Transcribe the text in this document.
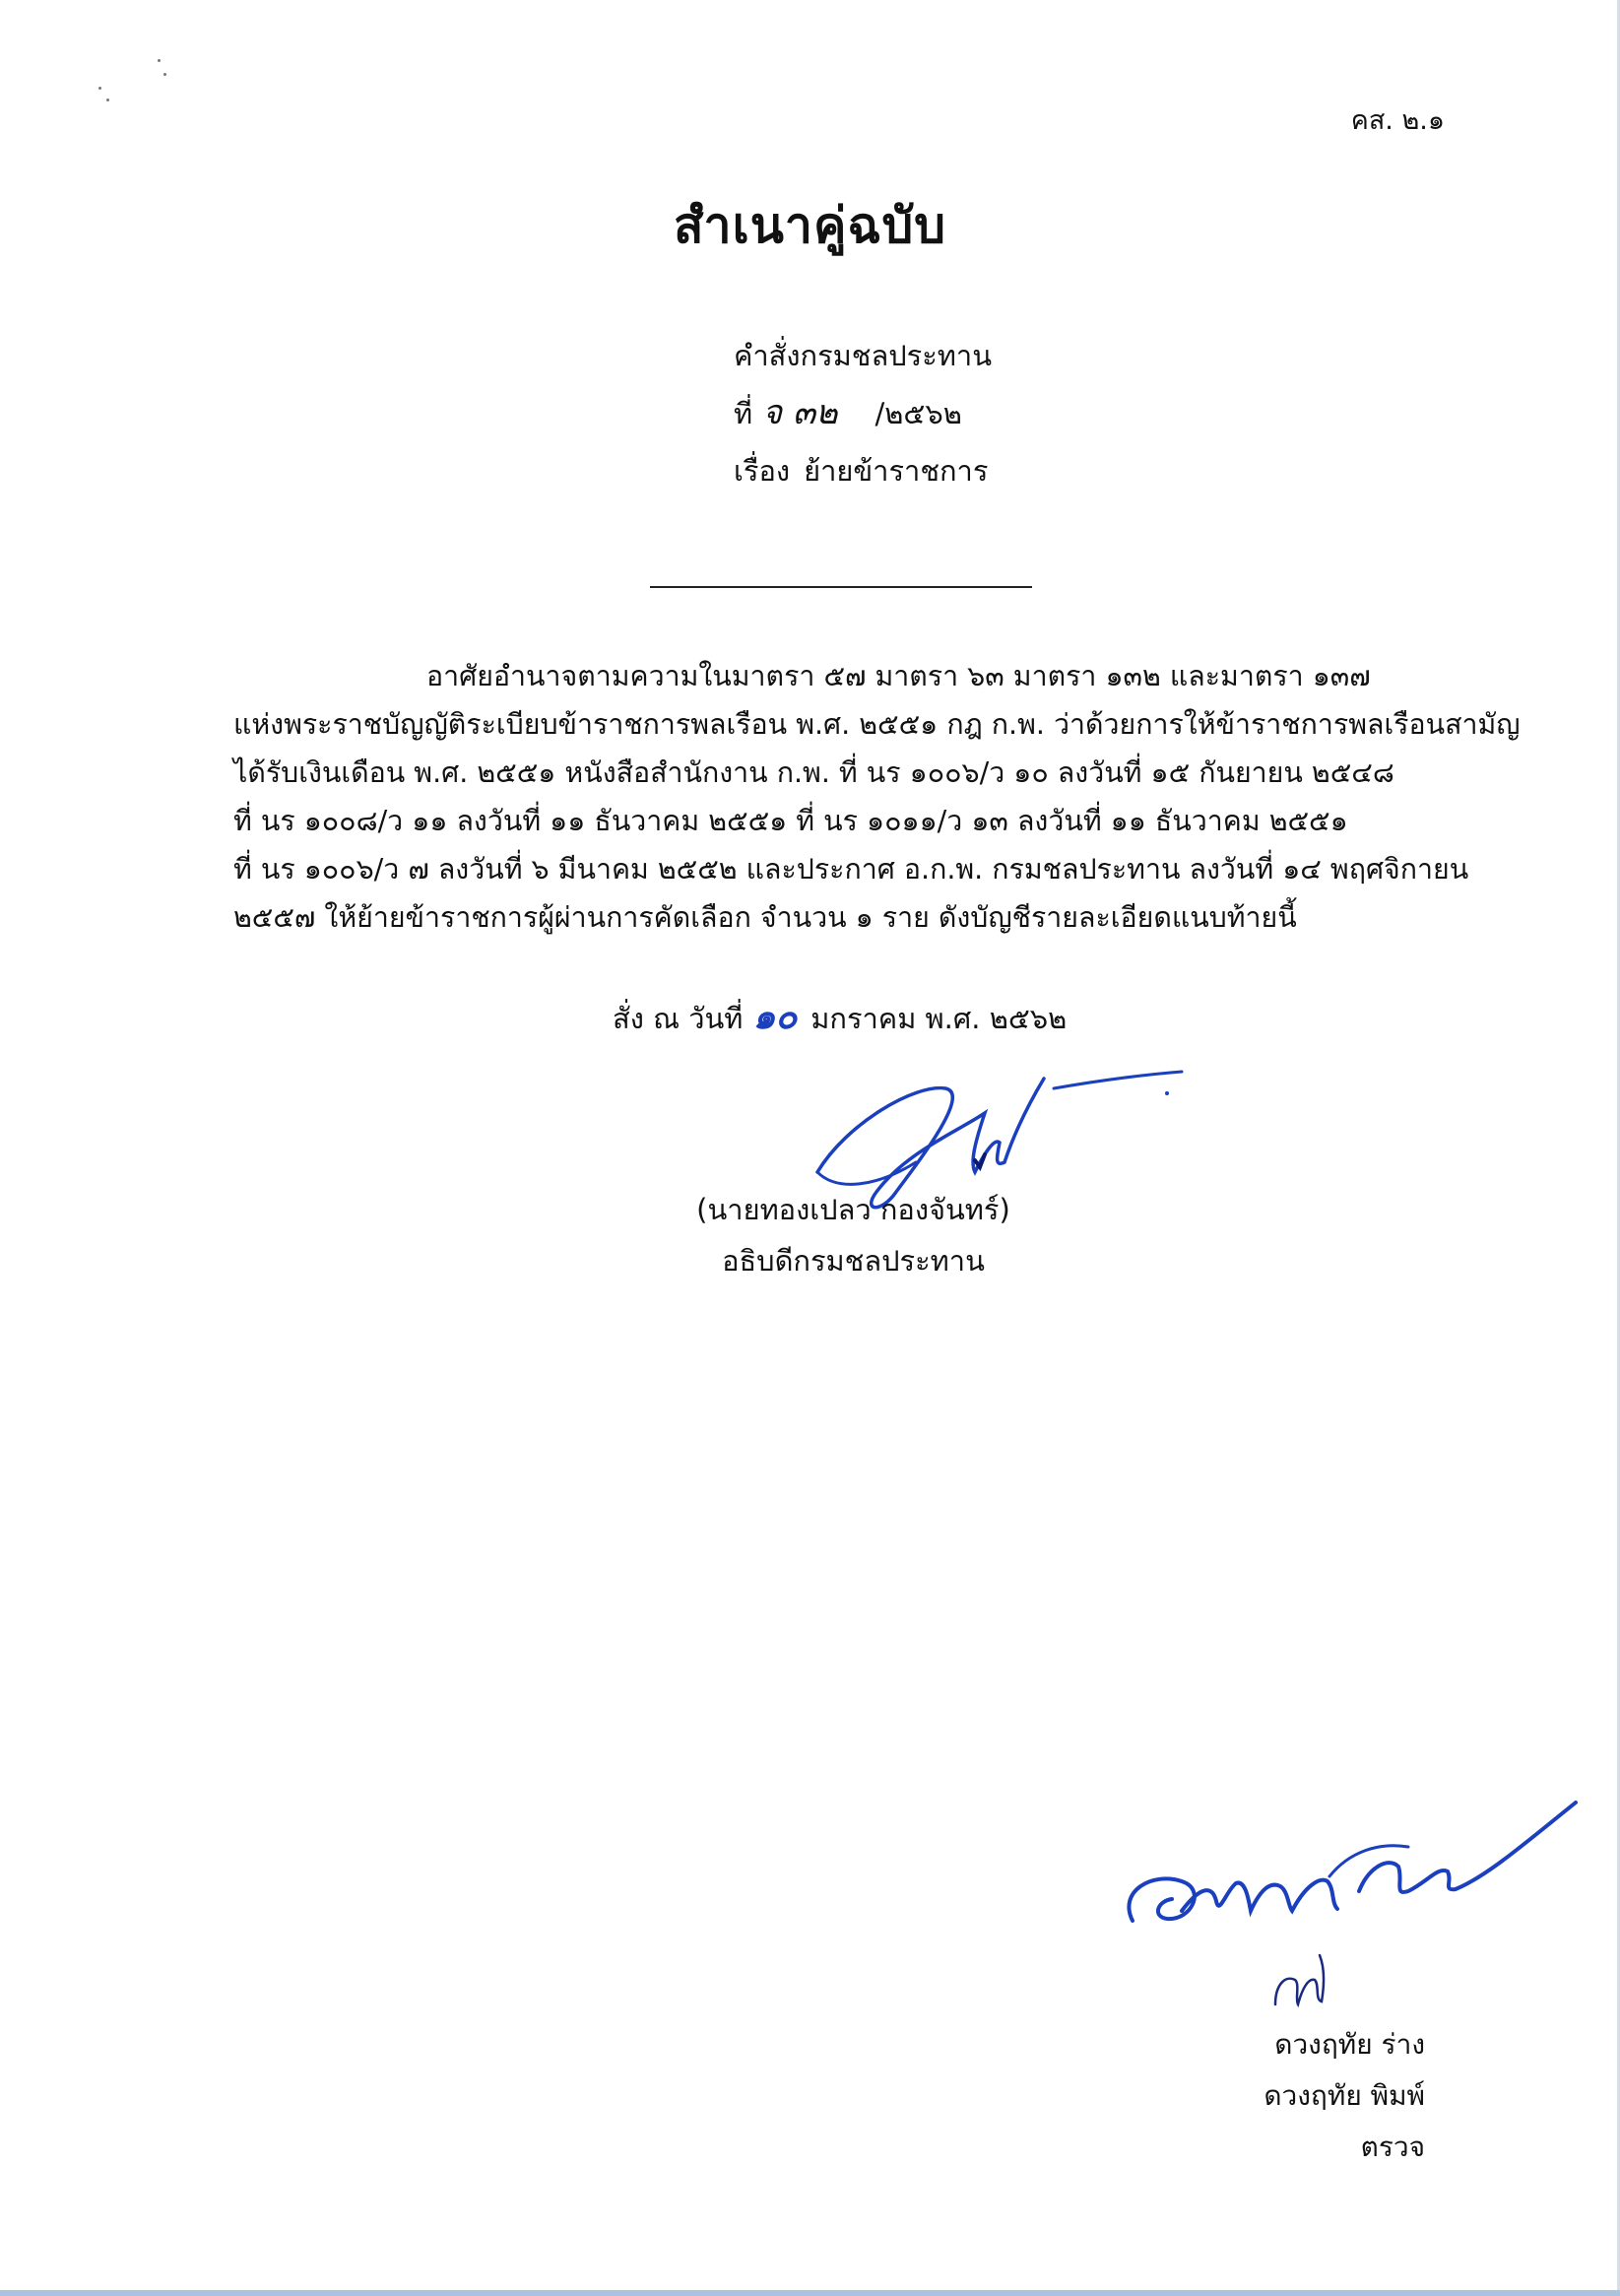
คส. ๒.๑
สำเนาคู่ฉบับ
คำสั่งกรมชลประทาน
ที่ จ ๓๒ /๒๕๖๒
เรื่อง ย้ายข้าราชการ
อาศัยอำนาจตามความในมาตรา ๕๗ มาตรา ๖๓ มาตรา ๑๓๒ และมาตรา ๑๓๗
แห่งพระราชบัญญัติระเบียบข้าราชการพลเรือน พ.ศ. ๒๕๕๑ กฎ ก.พ. ว่าด้วยการให้ข้าราชการพลเรือนสามัญ
ได้รับเงินเดือน พ.ศ. ๒๕๕๑ หนังสือสำนักงาน ก.พ. ที่ นร ๑๐๐๖/ว ๑๐ ลงวันที่ ๑๕ กันยายน ๒๕๔๘
ที่ นร ๑๐๐๘/ว ๑๑ ลงวันที่ ๑๑ ธันวาคม ๒๕๕๑ ที่ นร ๑๐๑๑/ว ๑๓ ลงวันที่ ๑๑ ธันวาคม ๒๕๕๑
ที่ นร ๑๐๐๖/ว ๗ ลงวันที่ ๖ มีนาคม ๒๕๕๒ และประกาศ อ.ก.พ. กรมชลประทาน ลงวันที่ ๑๔ พฤศจิกายน
๒๕๕๗ ให้ย้ายข้าราชการผู้ผ่านการคัดเลือก จำนวน ๑ ราย ดังบัญชีรายละเอียดแนบท้ายนี้
สั่ง ณ วันที่ ๑๐ มกราคม พ.ศ. ๒๕๖๒
(นายทองเปลว กองจันทร์)
อธิบดีกรมชลประทาน
ดวงฤทัย ร่าง
ดวงฤทัย พิมพ์
ตรวจ
